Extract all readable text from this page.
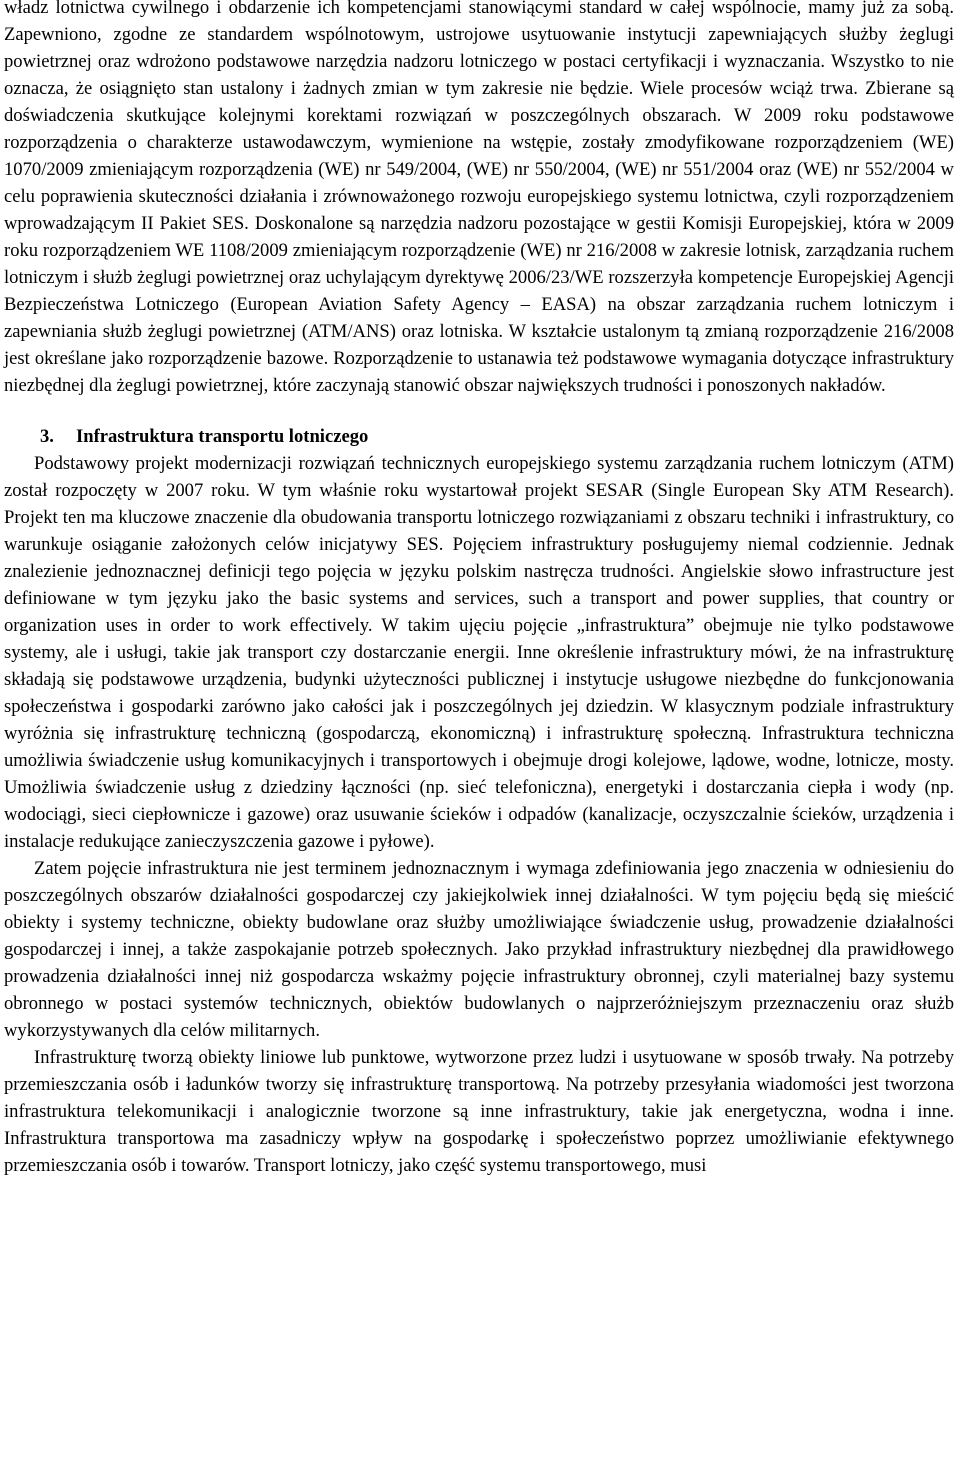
władz lotnictwa cywilnego i obdarzenie ich kompetencjami stanowiącymi standard w całej wspólnocie, mamy już za sobą. Zapewniono, zgodne ze standardem wspólnotowym, ustrojowe usytuowanie instytucji zapewniających służby żeglugi powietrznej oraz wdrożono podstawowe narzędzia nadzoru lotniczego w postaci certyfikacji i wyznaczania. Wszystko to nie oznacza, że osiągnięto stan ustalony i żadnych zmian w tym zakresie nie będzie. Wiele procesów wciąż trwa. Zbierane są doświadczenia skutkujące kolejnymi korektami rozwiązań w poszczególnych obszarach. W 2009 roku podstawowe rozporządzenia o charakterze ustawodawczym, wymienione na wstępie, zostały zmodyfikowane rozporządzeniem (WE) 1070/2009 zmieniającym rozporządzenia (WE) nr 549/2004, (WE) nr 550/2004, (WE) nr 551/2004 oraz (WE) nr 552/2004 w celu poprawienia skuteczności działania i zrównoważonego rozwoju europejskiego systemu lotnictwa, czyli rozporządzeniem wprowadzającym II Pakiet SES. Doskonalone są narzędzia nadzoru pozostające w gestii Komisji Europejskiej, która w 2009 roku rozporządzeniem WE 1108/2009 zmieniającym rozporządzenie (WE) nr 216/2008 w zakresie lotnisk, zarządzania ruchem lotniczym i służb żeglugi powietrznej oraz uchylającym dyrektywę 2006/23/WE rozszerzyła kompetencje Europejskiej Agencji Bezpieczeństwa Lotniczego (European Aviation Safety Agency – EASA) na obszar zarządzania ruchem lotniczym i zapewniania służb żeglugi powietrznej (ATM/ANS) oraz lotniska. W kształcie ustalonym tą zmianą rozporządzenie 216/2008 jest określane jako rozporządzenie bazowe. Rozporządzenie to ustanawia też podstawowe wymagania dotyczące infrastruktury niezbędnej dla żeglugi powietrznej, które zaczynają stanowić obszar największych trudności i ponoszonych nakładów.

3. Infrastruktura transportu lotniczego

Podstawowy projekt modernizacji rozwiązań technicznych europejskiego systemu zarządzania ruchem lotniczym (ATM) został rozpoczęty w 2007 roku. W tym właśnie roku wystartował projekt SESAR (Single European Sky ATM Research). Projekt ten ma kluczowe znaczenie dla obudowania transportu lotniczego rozwiązaniami z obszaru techniki i infrastruktury, co warunkuje osiąganie założonych celów inicjatywy SES. Pojęciem infrastruktury posługujemy niemal codziennie. Jednak znalezienie jednoznacznej definicji tego pojęcia w języku polskim nastręcza trudności. Angielskie słowo infrastructure jest definiowane w tym języku jako the basic systems and services, such a transport and power supplies, that country or organization uses in order to work effectively. W takim ujęciu pojęcie „infrastruktura” obejmuje nie tylko podstawowe systemy, ale i usługi, takie jak transport czy dostarczanie energii. Inne określenie infrastruktury mówi, że na infrastrukturę składają się podstawowe urządzenia, budynki użyteczności publicznej i instytucje usługowe niezbędne do funkcjonowania społeczeństwa i gospodarki zarówno jako całości jak i poszczególnych jej dziedzin. W klasycznym podziale infrastruktury wyróżnia się infrastrukturę techniczną (gospodarczą, ekonomiczną) i infrastrukturę społeczną. Infrastruktura techniczna umożliwia świadczenie usług komunikacyjnych i transportowych i obejmuje drogi kolejowe, lądowe, wodne, lotnicze, mosty. Umożliwia świadczenie usług z dziedziny łączności (np. sieć telefoniczna), energetyki i dostarczania ciepła i wody (np. wodociągi, sieci ciepłownicze i gazowe) oraz usuwanie ścieków i odpadów (kanalizacje, oczyszczalnie ścieków, urządzenia i instalacje redukujące zanieczyszczenia gazowe i pyłowe).

Zatem pojęcie infrastruktura nie jest terminem jednoznacznym i wymaga zdefiniowania jego znaczenia w odniesieniu do poszczególnych obszarów działalności gospodarczej czy jakiejkolwiek innej działalności. W tym pojęciu będą się mieścić obiekty i systemy techniczne, obiekty budowlane oraz służby umożliwiające świadczenie usług, prowadzenie działalności gospodarczej i innej, a także zaspokajanie potrzeb społecznych. Jako przykład infrastruktury niezbędnej dla prawidłowego prowadzenia działalności innej niż gospodarcza wskażmy pojęcie infrastruktury obronnej, czyli materialnej bazy systemu obronnego w postaci systemów technicznych, obiektów budowlanych o najprzeróżniejszym przeznaczeniu oraz służb wykorzystywanych dla celów militarnych.

Infrastrukturę tworzą obiekty liniowe lub punktowe, wytworzone przez ludzi i usytuowane w sposób trwały. Na potrzeby przemieszczania osób i ładunków tworzy się infrastrukturę transportową. Na potrzeby przesyłania wiadomości jest tworzona infrastruktura telekomunikacji i analogicznie tworzone są inne infrastruktury, takie jak energetyczna, wodna i inne. Infrastruktura transportowa ma zasadniczy wpływ na gospodarkę i społeczeństwo poprzez umożliwianie efektywnego przemieszczania osób i towarów. Transport lotniczy, jako część systemu transportowego, musi
